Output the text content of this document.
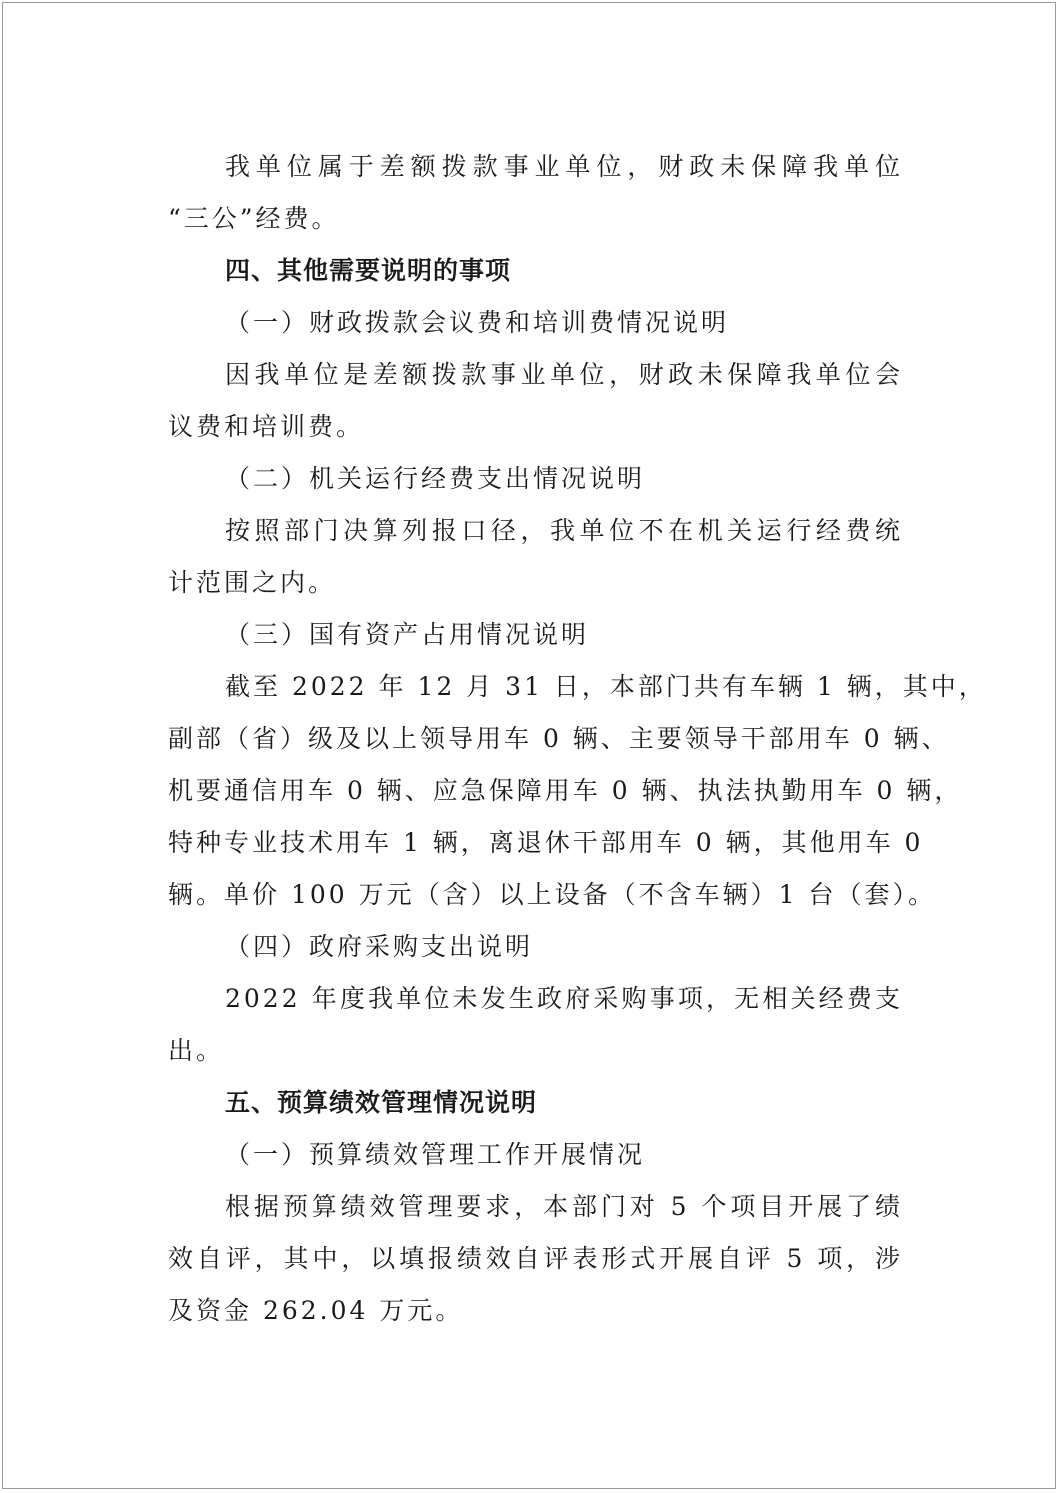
我单位属于差额拨款事业单位，财政未保障我单位
“三公”经费。
四、其他需要说明的事项
（一）财政拨款会议费和培训费情况说明
因我单位是差额拨款事业单位，财政未保障我单位会
议费和培训费。
（二）机关运行经费支出情况说明
按照部门决算列报口径，我单位不在机关运行经费统
计范围之内。
（三）国有资产占用情况说明
截至 2022 年 12 月 31 日，本部门共有车辆 1 辆，其中，
副部（省）级及以上领导用车 0 辆、主要领导干部用车 0 辆、
机要通信用车 0 辆、应急保障用车 0 辆、执法执勤用车 0 辆，
特种专业技术用车 1 辆，离退休干部用车 0 辆，其他用车 0
辆。单价 100 万元（含）以上设备（不含车辆）1 台（套）。
（四）政府采购支出说明
2022 年度我单位未发生政府采购事项，无相关经费支
出。
五、预算绩效管理情况说明
（一）预算绩效管理工作开展情况
根据预算绩效管理要求，本部门对 5 个项目开展了绩
效自评，其中，以填报绩效自评表形式开展自评 5 项，涉
及资金 262.04 万元。
